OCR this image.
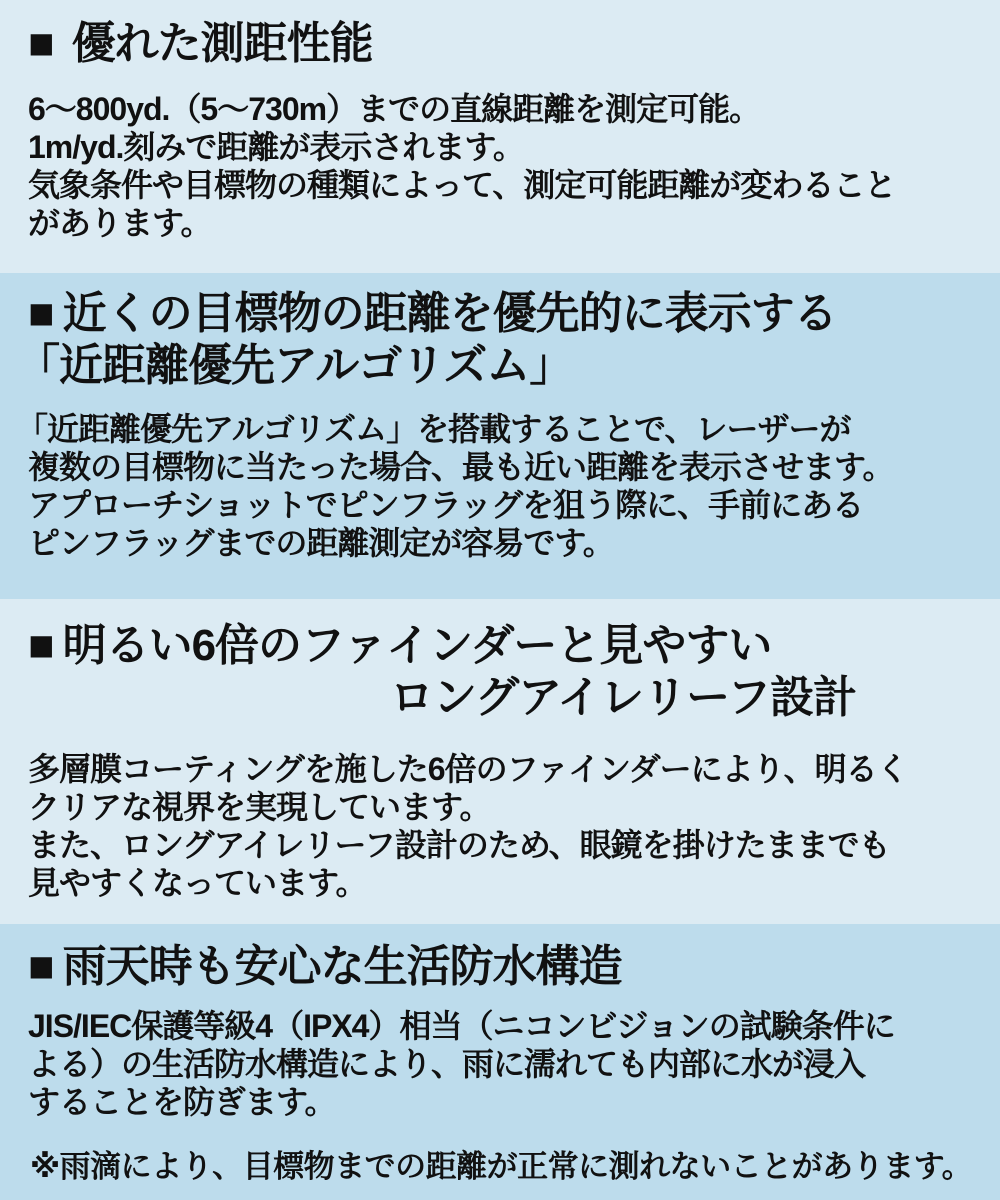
■ 優れた測距性能
6～800yd.（5～730m）までの直線距離を測定可能。
1m/yd.刻みで距離が表示されます。
気象条件や目標物の種類によって、測定可能距離が変わること
があります。
■ 近くの目標物の距離を優先的に表示する
「近距離優先アルゴリズム」
「近距離優先アルゴリズム」を搭載することで、レーザーが
複数の目標物に当たった場合、最も近い距離を表示させます。
アプローチショットでピンフラッグを狙う際に、手前にある
ピンフラッグまでの距離測定が容易です。
■ 明るい6倍のファインダーと見やすい
ロングアイレリーフ設計
多層膜コーティングを施した6倍のファインダーにより、明るく
クリアな視界を実現しています。
また、ロングアイレリーフ設計のため、眼鏡を掛けたままでも
見やすくなっています。
■ 雨天時も安心な生活防水構造
JIS/IEC保護等級4（IPX4）相当（ニコンビジョンの試験条件に
よる）の生活防水構造により、雨に濡れても内部に水が浸入
することを防ぎます。
※雨滴により、目標物までの距離が正常に測れないことがあります。
